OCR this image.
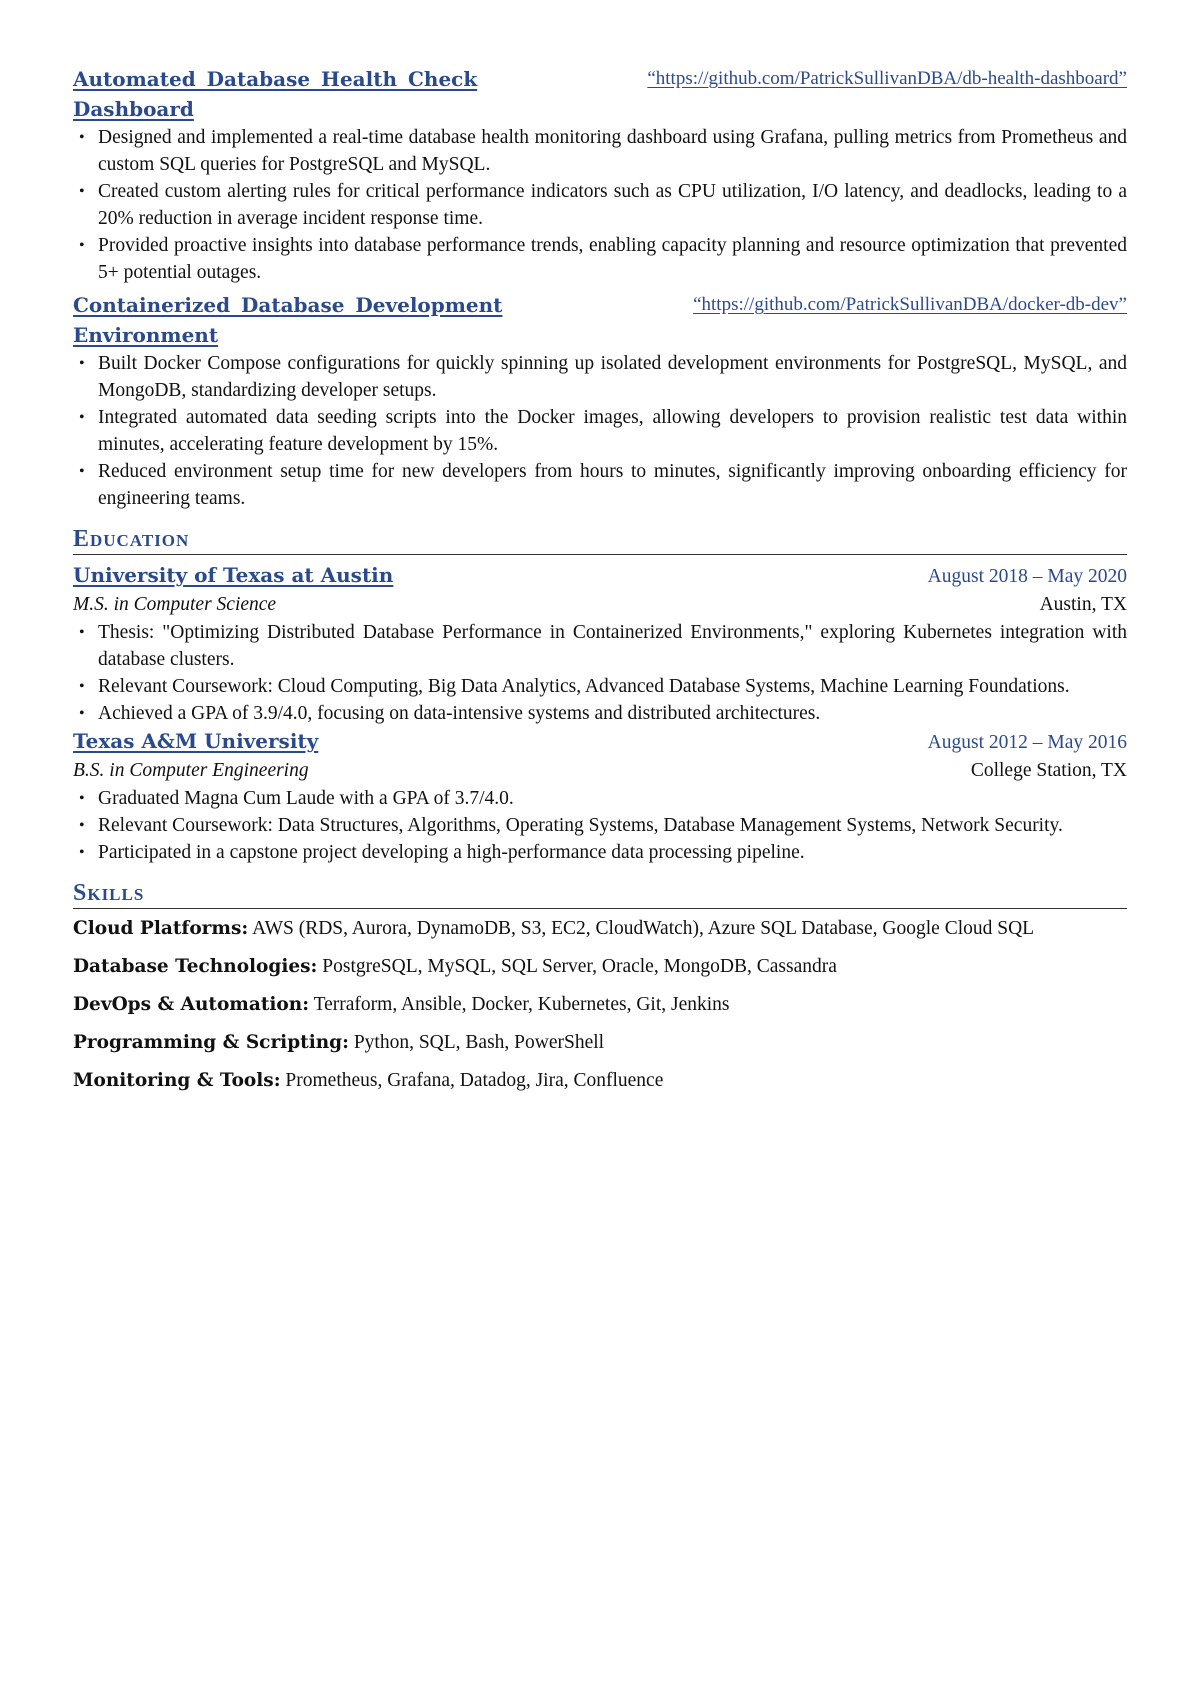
Automated Database Health Check Dashboard
“https://github.com/PatrickSullivanDBA/db-health-dashboard”
• Designed and implemented a real-time database health monitoring dashboard using Grafana, pulling metrics from Prometheus and custom SQL queries for PostgreSQL and MySQL.
• Created custom alerting rules for critical performance indicators such as CPU utilization, I/O latency, and deadlocks, leading to a 20% reduction in average incident response time.
• Provided proactive insights into database performance trends, enabling capacity planning and resource optimization that prevented 5+ potential outages.
Containerized Database Development Environment
“https://github.com/PatrickSullivanDBA/docker-db-dev”
• Built Docker Compose configurations for quickly spinning up isolated development environments for PostgreSQL, MySQL, and MongoDB, standardizing developer setups.
• Integrated automated data seeding scripts into the Docker images, allowing developers to provision realistic test data within minutes, accelerating feature development by 15%.
• Reduced environment setup time for new developers from hours to minutes, significantly improving onboarding efficiency for engineering teams.
Education
University of Texas at Austin	August 2018 – May 2020
M.S. in Computer Science	Austin, TX
• Thesis: "Optimizing Distributed Database Performance in Containerized Environments," exploring Kubernetes integration with database clusters.
• Relevant Coursework: Cloud Computing, Big Data Analytics, Advanced Database Systems, Machine Learning Foundations.
• Achieved a GPA of 3.9/4.0, focusing on data-intensive systems and distributed architectures.
Texas A&M University	August 2012 – May 2016
B.S. in Computer Engineering	College Station, TX
• Graduated Magna Cum Laude with a GPA of 3.7/4.0.
• Relevant Coursework: Data Structures, Algorithms, Operating Systems, Database Management Systems, Network Security.
• Participated in a capstone project developing a high-performance data processing pipeline.
Skills
Cloud Platforms: AWS (RDS, Aurora, DynamoDB, S3, EC2, CloudWatch), Azure SQL Database, Google Cloud SQL
Database Technologies: PostgreSQL, MySQL, SQL Server, Oracle, MongoDB, Cassandra
DevOps & Automation: Terraform, Ansible, Docker, Kubernetes, Git, Jenkins
Programming & Scripting: Python, SQL, Bash, PowerShell
Monitoring & Tools: Prometheus, Grafana, Datadog, Jira, Confluence
